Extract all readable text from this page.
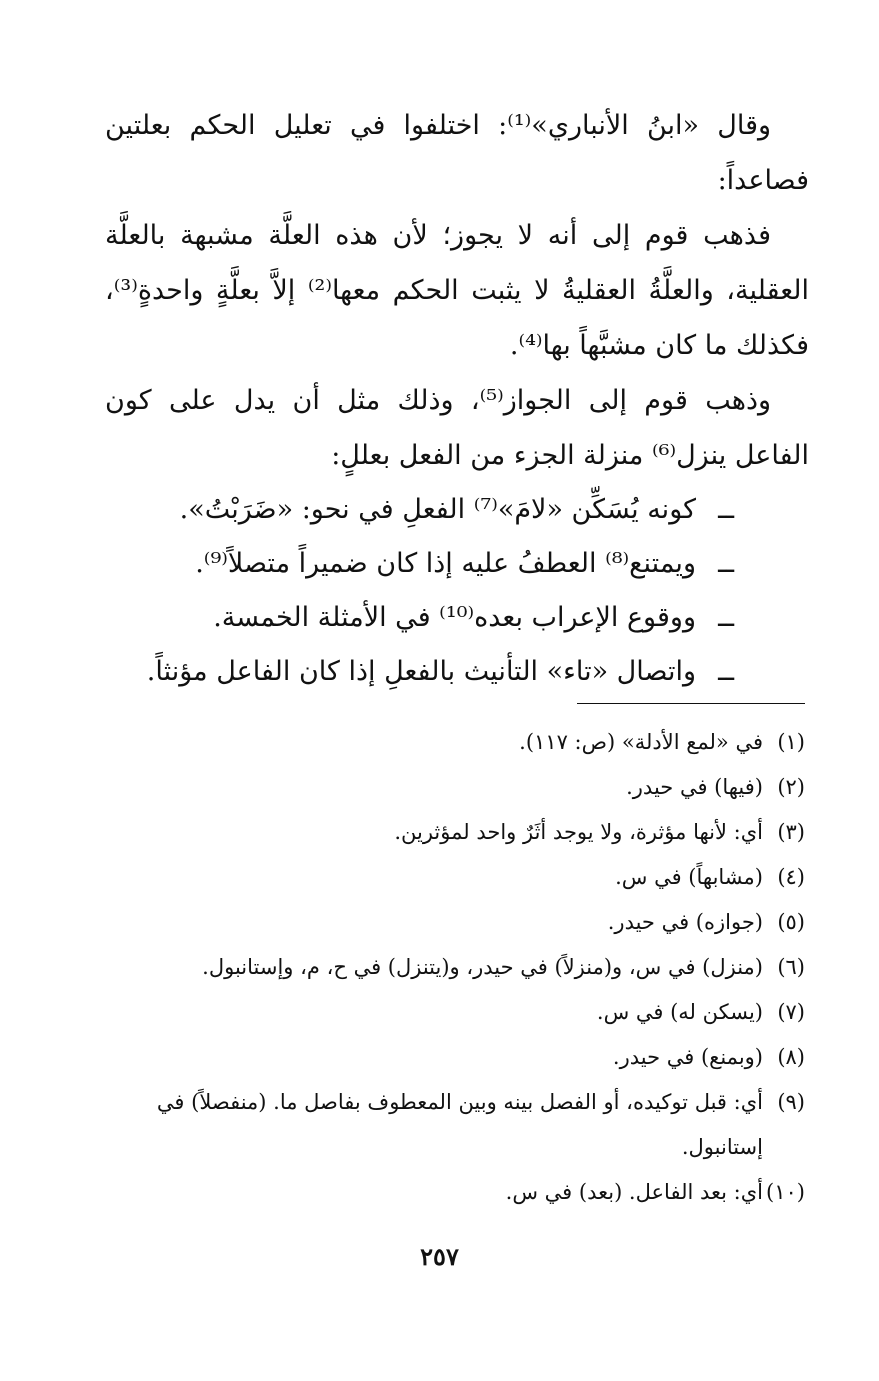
وقال «ابنُ الأنباري»⁽¹⁾: اختلفوا في تعليل الحكم بعلتين فصاعداً:

فذهب قوم إلى أنه لا يجوز؛ لأن هذه العلَّة مشبهة بالعلَّة العقلية، والعلَّةُ العقليةُ لا يثبت الحكم معها⁽²⁾ إلاَّ بعلَّةٍ واحدةٍ⁽³⁾، فكذلك ما كان مشبَّهاً بها⁽⁴⁾.

وذهب قوم إلى الجواز⁽⁵⁾، وذلك مثل أن يدل على كون الفاعل ينزل⁽⁶⁾ منزلة الجزء من الفعل بعللٍ:

ــكونه يُسَكِّن «لامَ»⁽⁷⁾ الفعلِ في نحو: «ضَرَبْتُ».
ــويمتنع⁽⁸⁾ العطفُ عليه إذا كان ضميراً متصلاً⁽⁹⁾.
ــووقوع الإعراب بعده⁽¹⁰⁾ في الأمثلة الخمسة.
ــواتصال «تاء» التأنيث بالفعلِ إذا كان الفاعل مؤنثاً.
(١)
في «لمع الأدلة» (ص: ١١٧).
(٢)
(فيها) في حيدر.
(٣)
أي: لأنها مؤثرة، ولا يوجد أثَرٌ واحد لمؤثرين.
(٤)
(مشابهاً) في س.
(٥)
(جوازه) في حيدر.
(٦)
(منزل) في س، و(منزلاً) في حيدر، و(يتنزل) في ح، م، وإستانبول.
(٧)
(يسكن له) في س.
(٨)
(وبمنع) في حيدر.
(٩)
أي: قبل توكيده، أو الفصل بينه وبين المعطوف بفاصل ما. (منفصلاً) في إستانبول.
(١٠)
أي: بعد الفاعل. (بعد) في س.
٢٥٧
